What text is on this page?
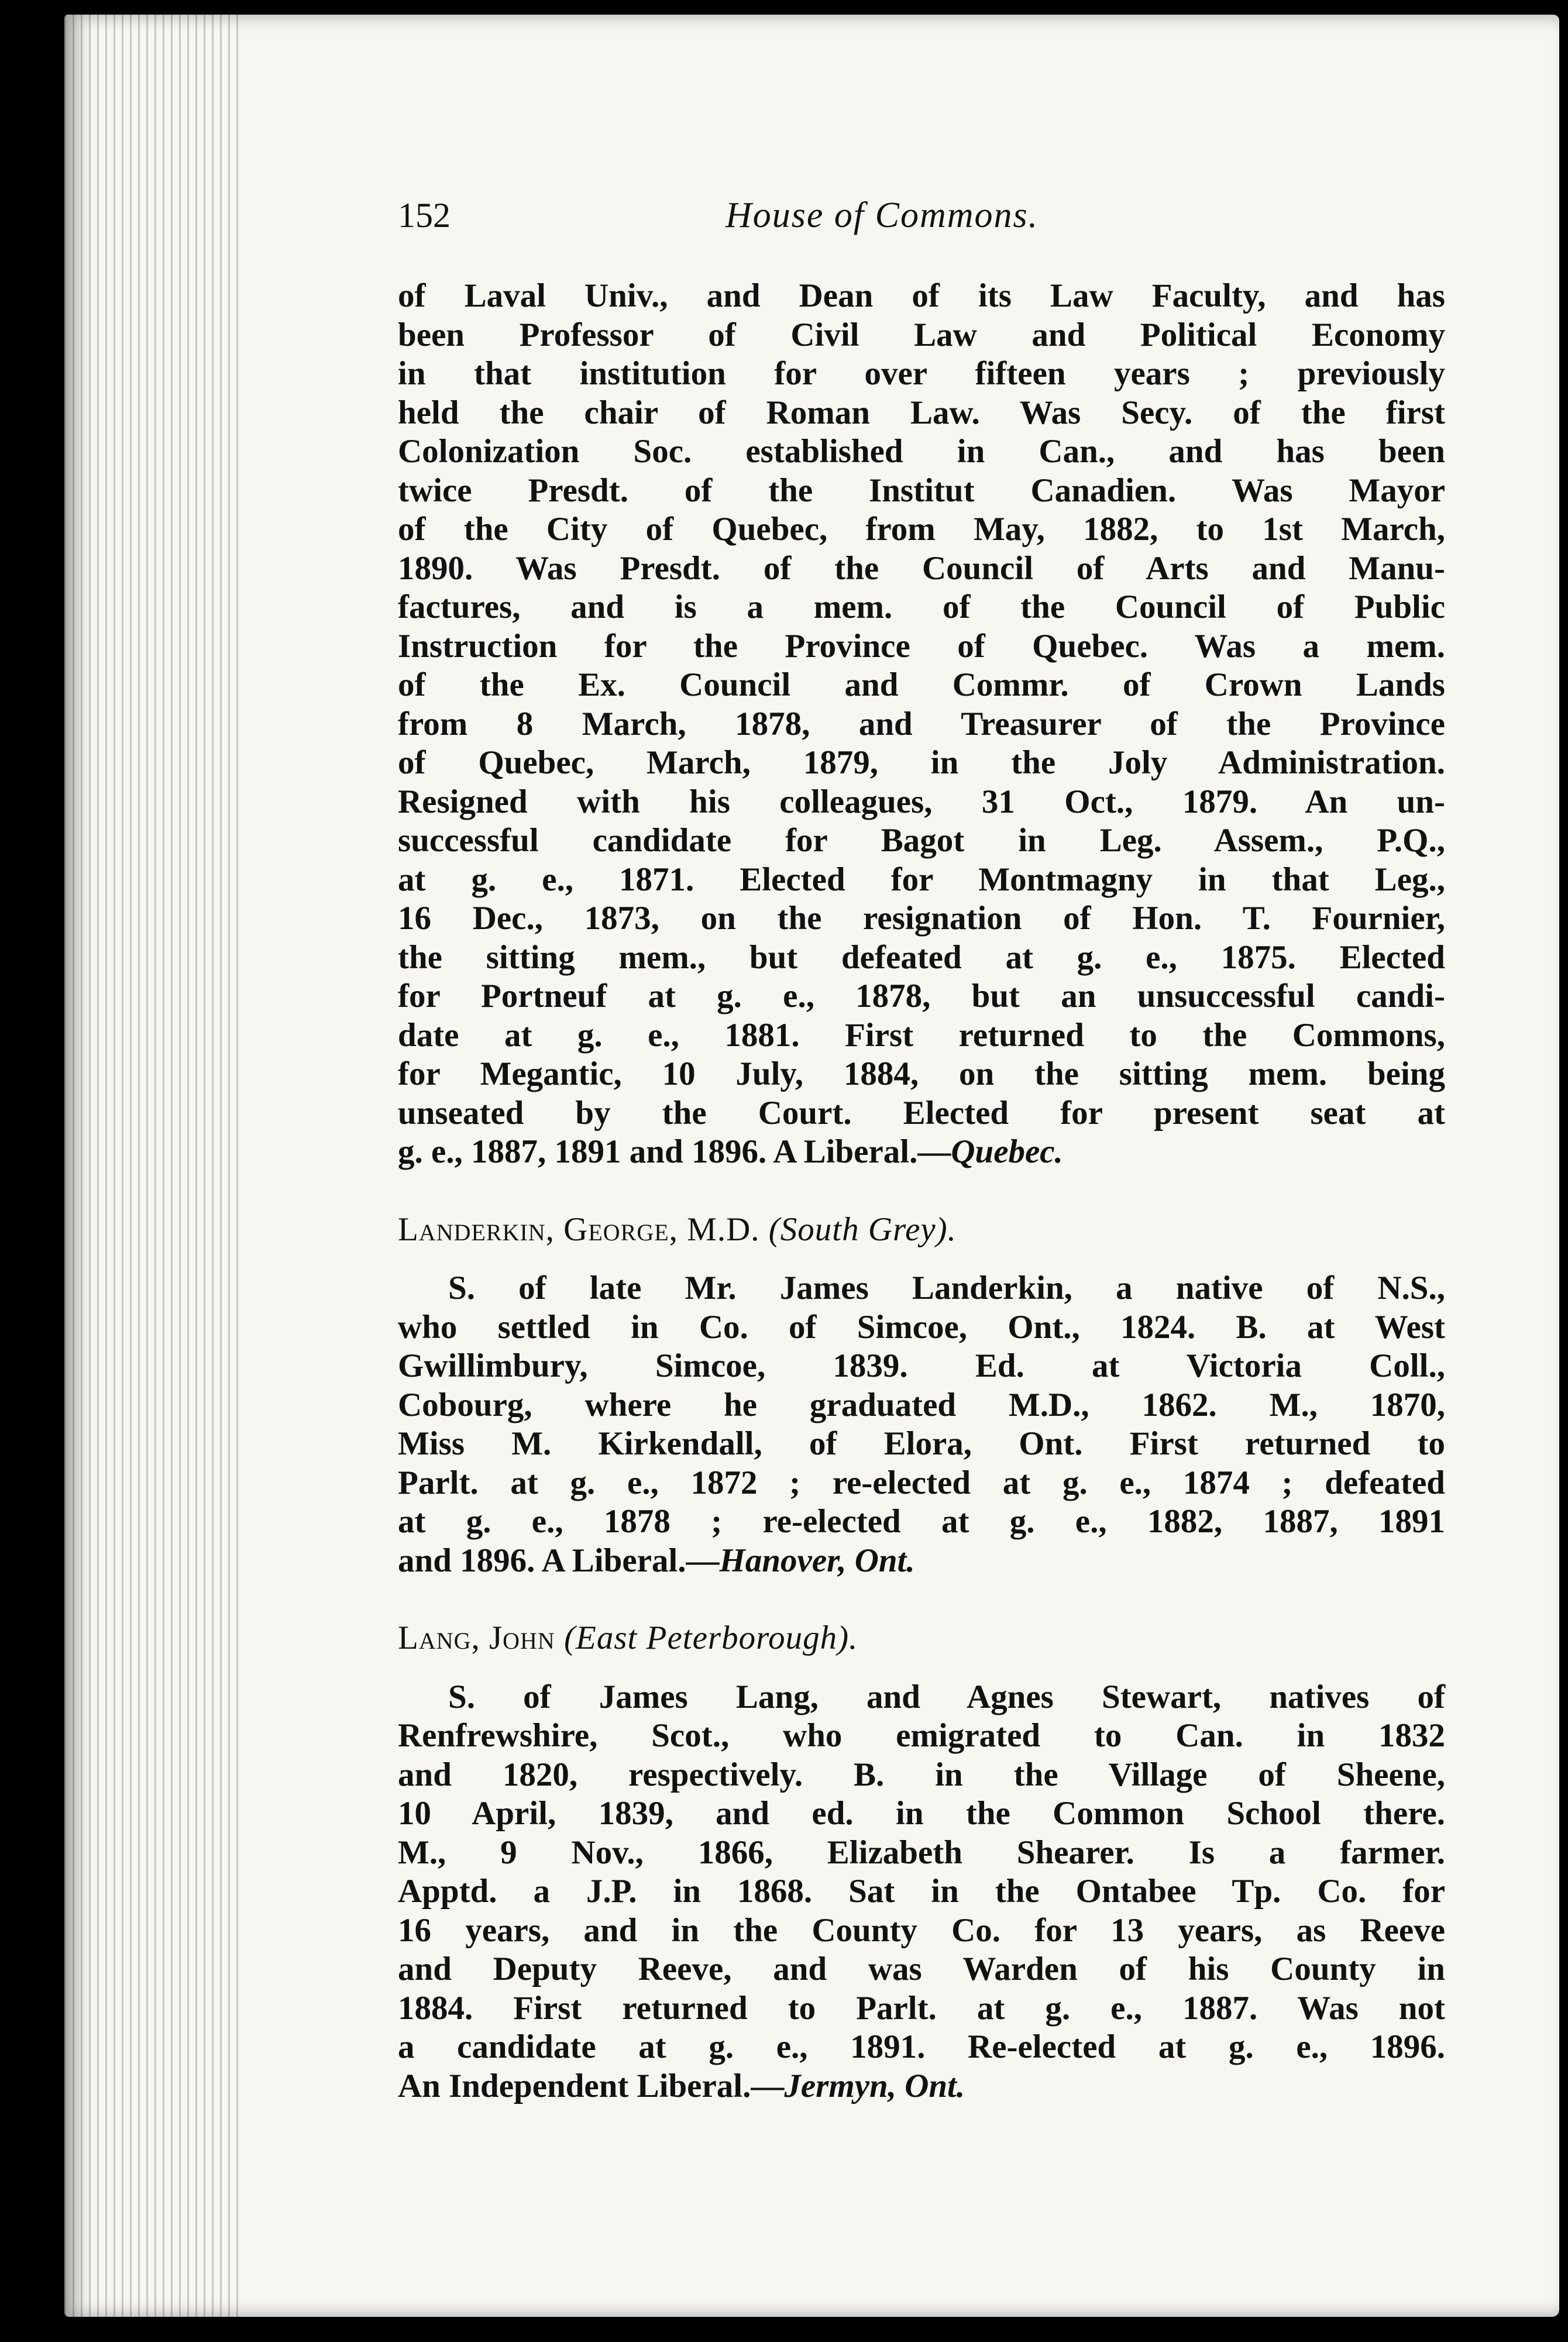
152	House of Commons.
of Laval Univ., and Dean of its Law Faculty, and has
been Professor of Civil Law and Political Economy
in that institution for over fifteen years ; previously
held the chair of Roman Law. Was Secy. of the first
Colonization Soc. established in Can., and has been
twice Presdt. of the Institut Canadien. Was Mayor
of the City of Quebec, from May, 1882, to 1st March,
1890. Was Presdt. of the Council of Arts and Manu-
factures, and is a mem. of the Council of Public
Instruction for the Province of Quebec. Was a mem.
of the Ex. Council and Commr. of Crown Lands
from 8 March, 1878, and Treasurer of the Province
of Quebec, March, 1879, in the Joly Administration.
Resigned with his colleagues, 31 Oct., 1879. An un-
successful candidate for Bagot in Leg. Assem., P.Q.,
at g. e., 1871. Elected for Montmagny in that Leg.,
16 Dec., 1873, on the resignation of Hon. T. Fournier,
the sitting mem., but defeated at g. e., 1875. Elected
for Portneuf at g. e., 1878, but an unsuccessful candi-
date at g. e., 1881. First returned to the Commons,
for Megantic, 10 July, 1884, on the sitting mem. being
unseated by the Court. Elected for present seat at
g. e., 1887, 1891 and 1896. A Liberal.—Quebec.
Landerkin, George, M.D. (South Grey).
S. of late Mr. James Landerkin, a native of N.S.,
who settled in Co. of Simcoe, Ont., 1824. B. at West
Gwillimbury, Simcoe, 1839. Ed. at Victoria Coll.,
Cobourg, where he graduated M.D., 1862. M., 1870,
Miss M. Kirkendall, of Elora, Ont. First returned to
Parlt. at g. e., 1872 ; re-elected at g. e., 1874 ; defeated
at g. e., 1878 ; re-elected at g. e., 1882, 1887, 1891
and 1896. A Liberal.—Hanover, Ont.
Lang, John (East Peterborough).
S. of James Lang, and Agnes Stewart, natives of
Renfrewshire, Scot., who emigrated to Can. in 1832
and 1820, respectively. B. in the Village of Sheene,
10 April, 1839, and ed. in the Common School there.
M., 9 Nov., 1866, Elizabeth Shearer. Is a farmer.
Apptd. a J.P. in 1868. Sat in the Ontabee Tp. Co. for
16 years, and in the County Co. for 13 years, as Reeve
and Deputy Reeve, and was Warden of his County in
1884. First returned to Parlt. at g. e., 1887. Was not
a candidate at g. e., 1891. Re-elected at g. e., 1896.
An Independent Liberal.—Jermyn, Ont.
